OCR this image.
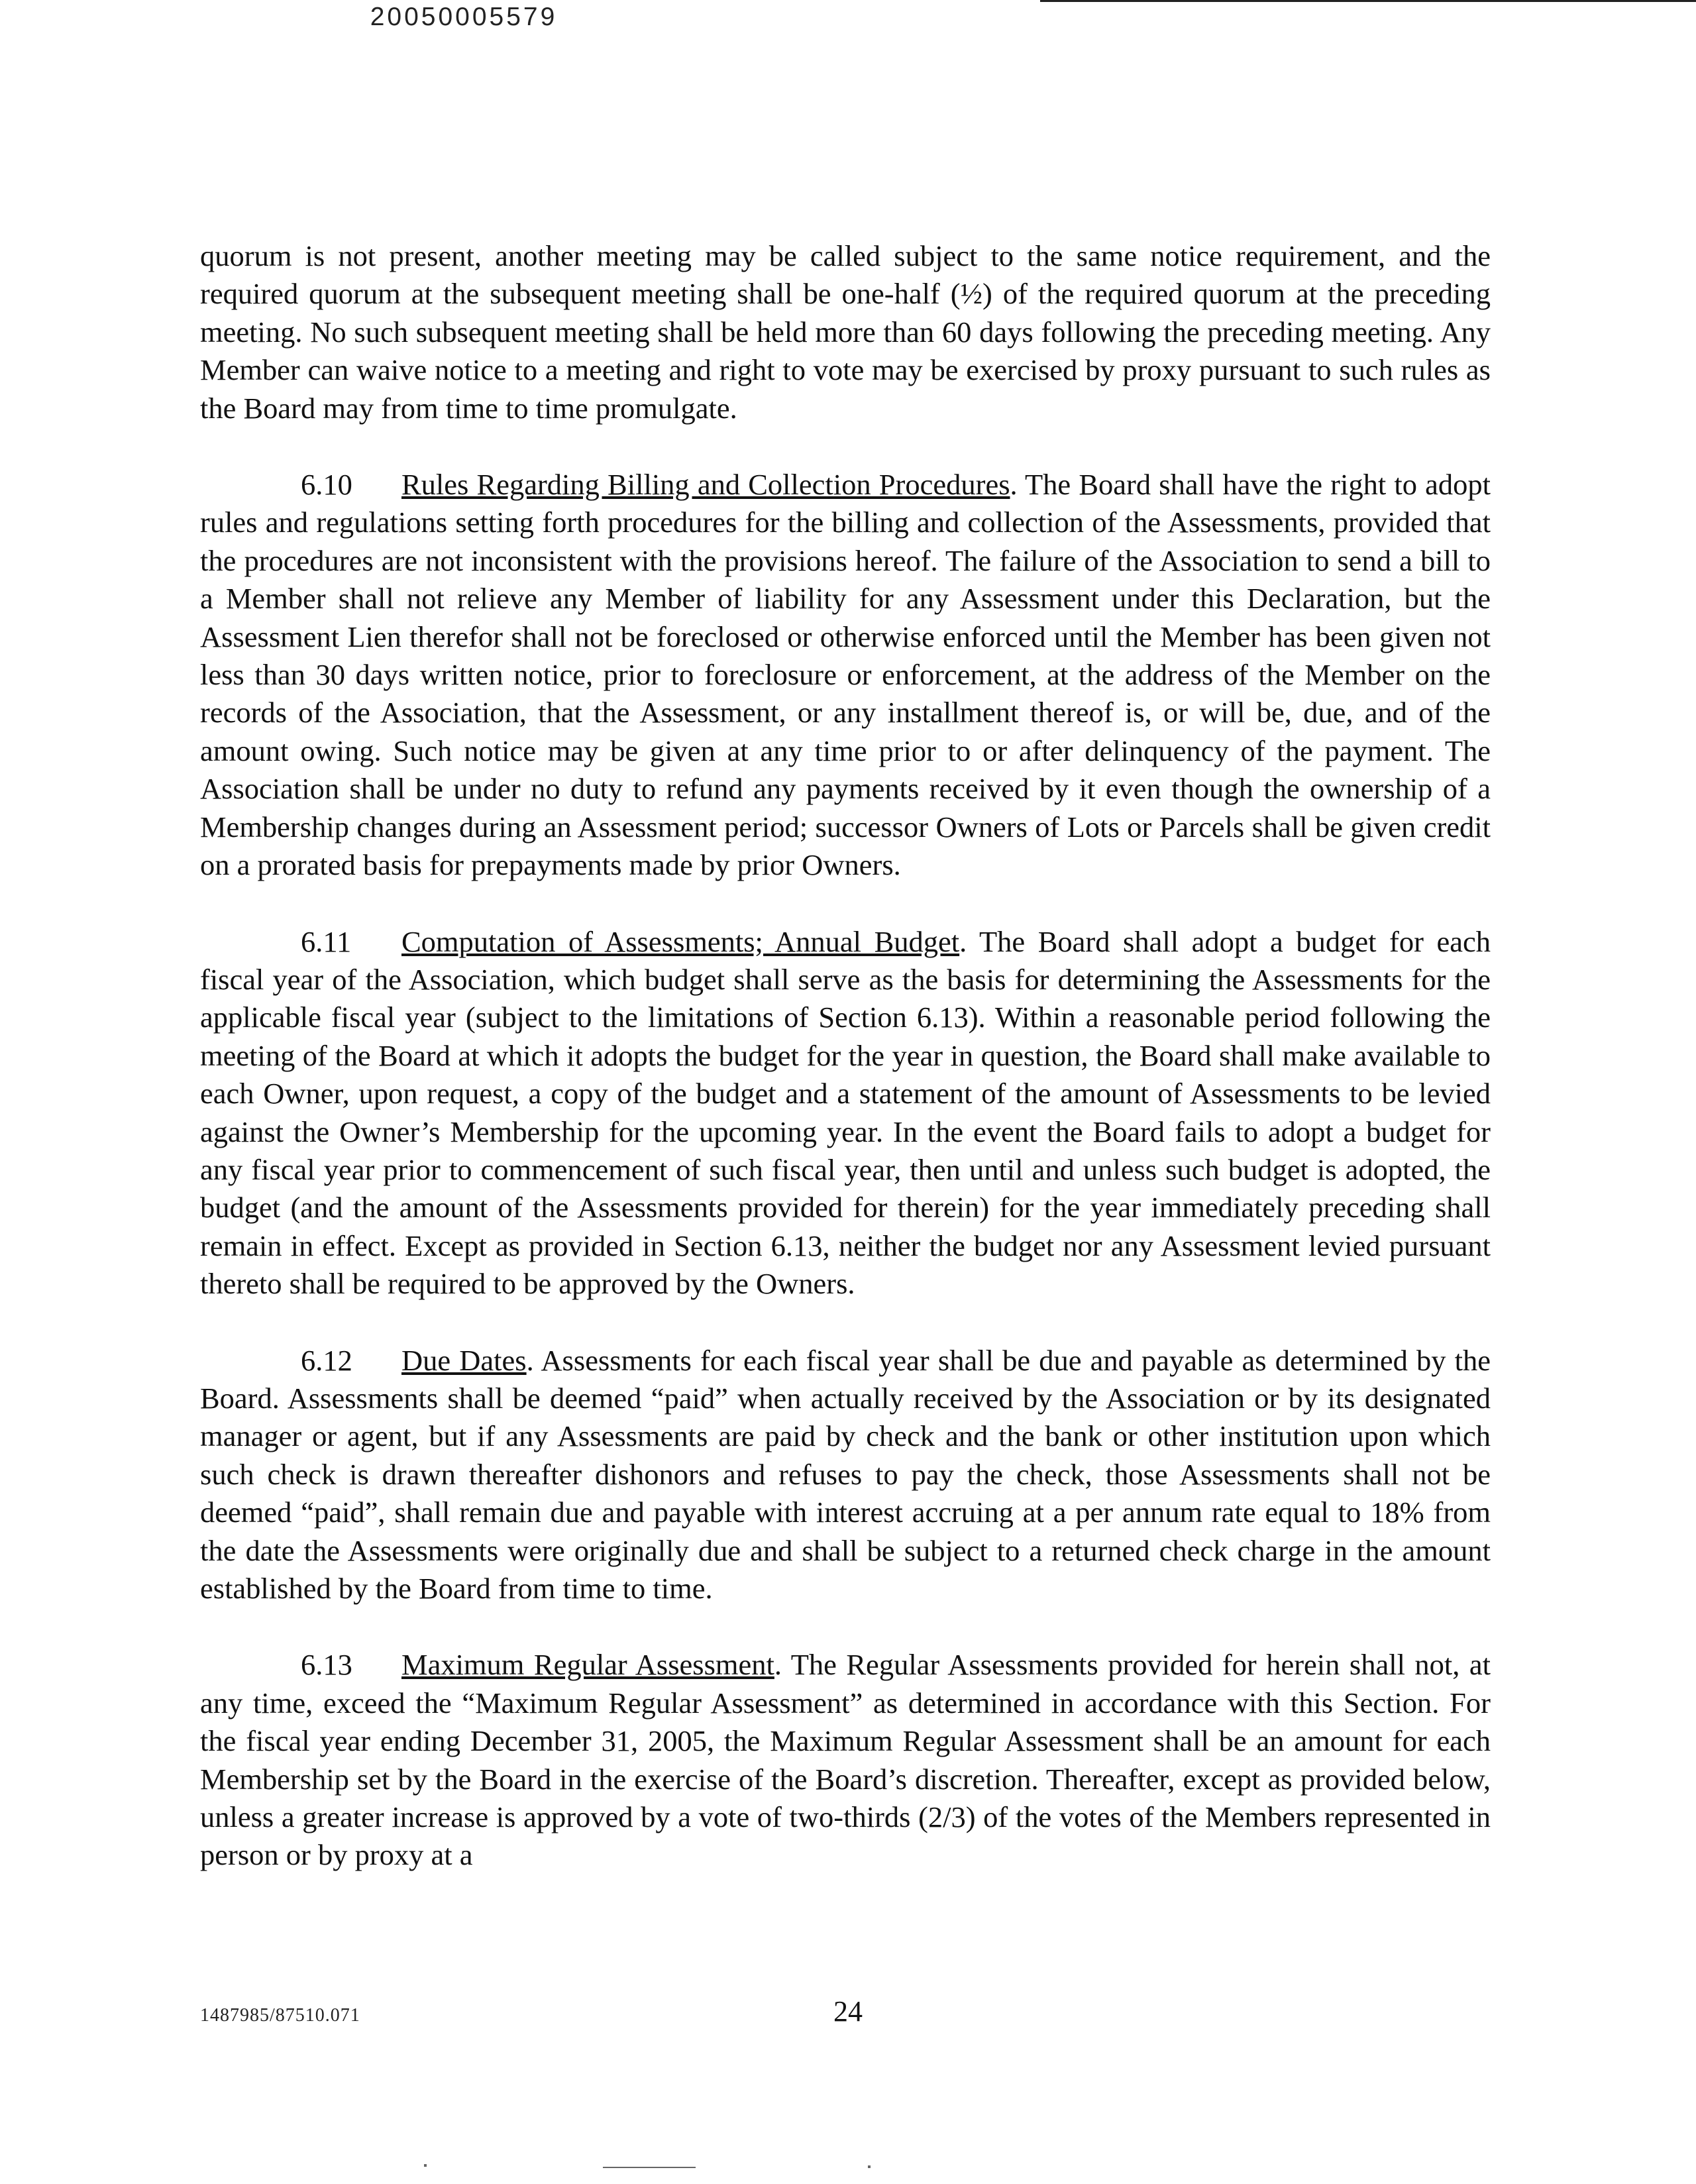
20050005579

quorum is not present, another meeting may be called subject to the same notice requirement, and the required quorum at the subsequent meeting shall be one-half (½) of the required quorum at the preceding meeting. No such subsequent meeting shall be held more than 60 days following the preceding meeting. Any Member can waive notice to a meeting and right to vote may be exercised by proxy pursuant to such rules as the Board may from time to time promulgate.

6.10 Rules Regarding Billing and Collection Procedures. The Board shall have the right to adopt rules and regulations setting forth procedures for the billing and collection of the Assessments, provided that the procedures are not inconsistent with the provisions hereof. The failure of the Association to send a bill to a Member shall not relieve any Member of liability for any Assessment under this Declaration, but the Assessment Lien therefor shall not be foreclosed or otherwise enforced until the Member has been given not less than 30 days written notice, prior to foreclosure or enforcement, at the address of the Member on the records of the Association, that the Assessment, or any installment thereof is, or will be, due, and of the amount owing. Such notice may be given at any time prior to or after delinquency of the payment. The Association shall be under no duty to refund any payments received by it even though the ownership of a Membership changes during an Assessment period; successor Owners of Lots or Parcels shall be given credit on a prorated basis for prepayments made by prior Owners.

6.11 Computation of Assessments; Annual Budget. The Board shall adopt a budget for each fiscal year of the Association, which budget shall serve as the basis for determining the Assessments for the applicable fiscal year (subject to the limitations of Section 6.13). Within a reasonable period following the meeting of the Board at which it adopts the budget for the year in question, the Board shall make available to each Owner, upon request, a copy of the budget and a statement of the amount of Assessments to be levied against the Owner’s Membership for the upcoming year. In the event the Board fails to adopt a budget for any fiscal year prior to commencement of such fiscal year, then until and unless such budget is adopted, the budget (and the amount of the Assessments provided for therein) for the year immediately preceding shall remain in effect. Except as provided in Section 6.13, neither the budget nor any Assessment levied pursuant thereto shall be required to be approved by the Owners.

6.12 Due Dates. Assessments for each fiscal year shall be due and payable as determined by the Board. Assessments shall be deemed “paid” when actually received by the Association or by its designated manager or agent, but if any Assessments are paid by check and the bank or other institution upon which such check is drawn thereafter dishonors and refuses to pay the check, those Assessments shall not be deemed “paid”, shall remain due and payable with interest accruing at a per annum rate equal to 18% from the date the Assessments were originally due and shall be subject to a returned check charge in the amount established by the Board from time to time.

6.13 Maximum Regular Assessment. The Regular Assessments provided for herein shall not, at any time, exceed the “Maximum Regular Assessment” as determined in accordance with this Section. For the fiscal year ending December 31, 2005, the Maximum Regular Assessment shall be an amount for each Membership set by the Board in the exercise of the Board’s discretion. Thereafter, except as provided below, unless a greater increase is approved by a vote of two-thirds (2/3) of the votes of the Members represented in person or by proxy at a

1487985/87510.071	24
